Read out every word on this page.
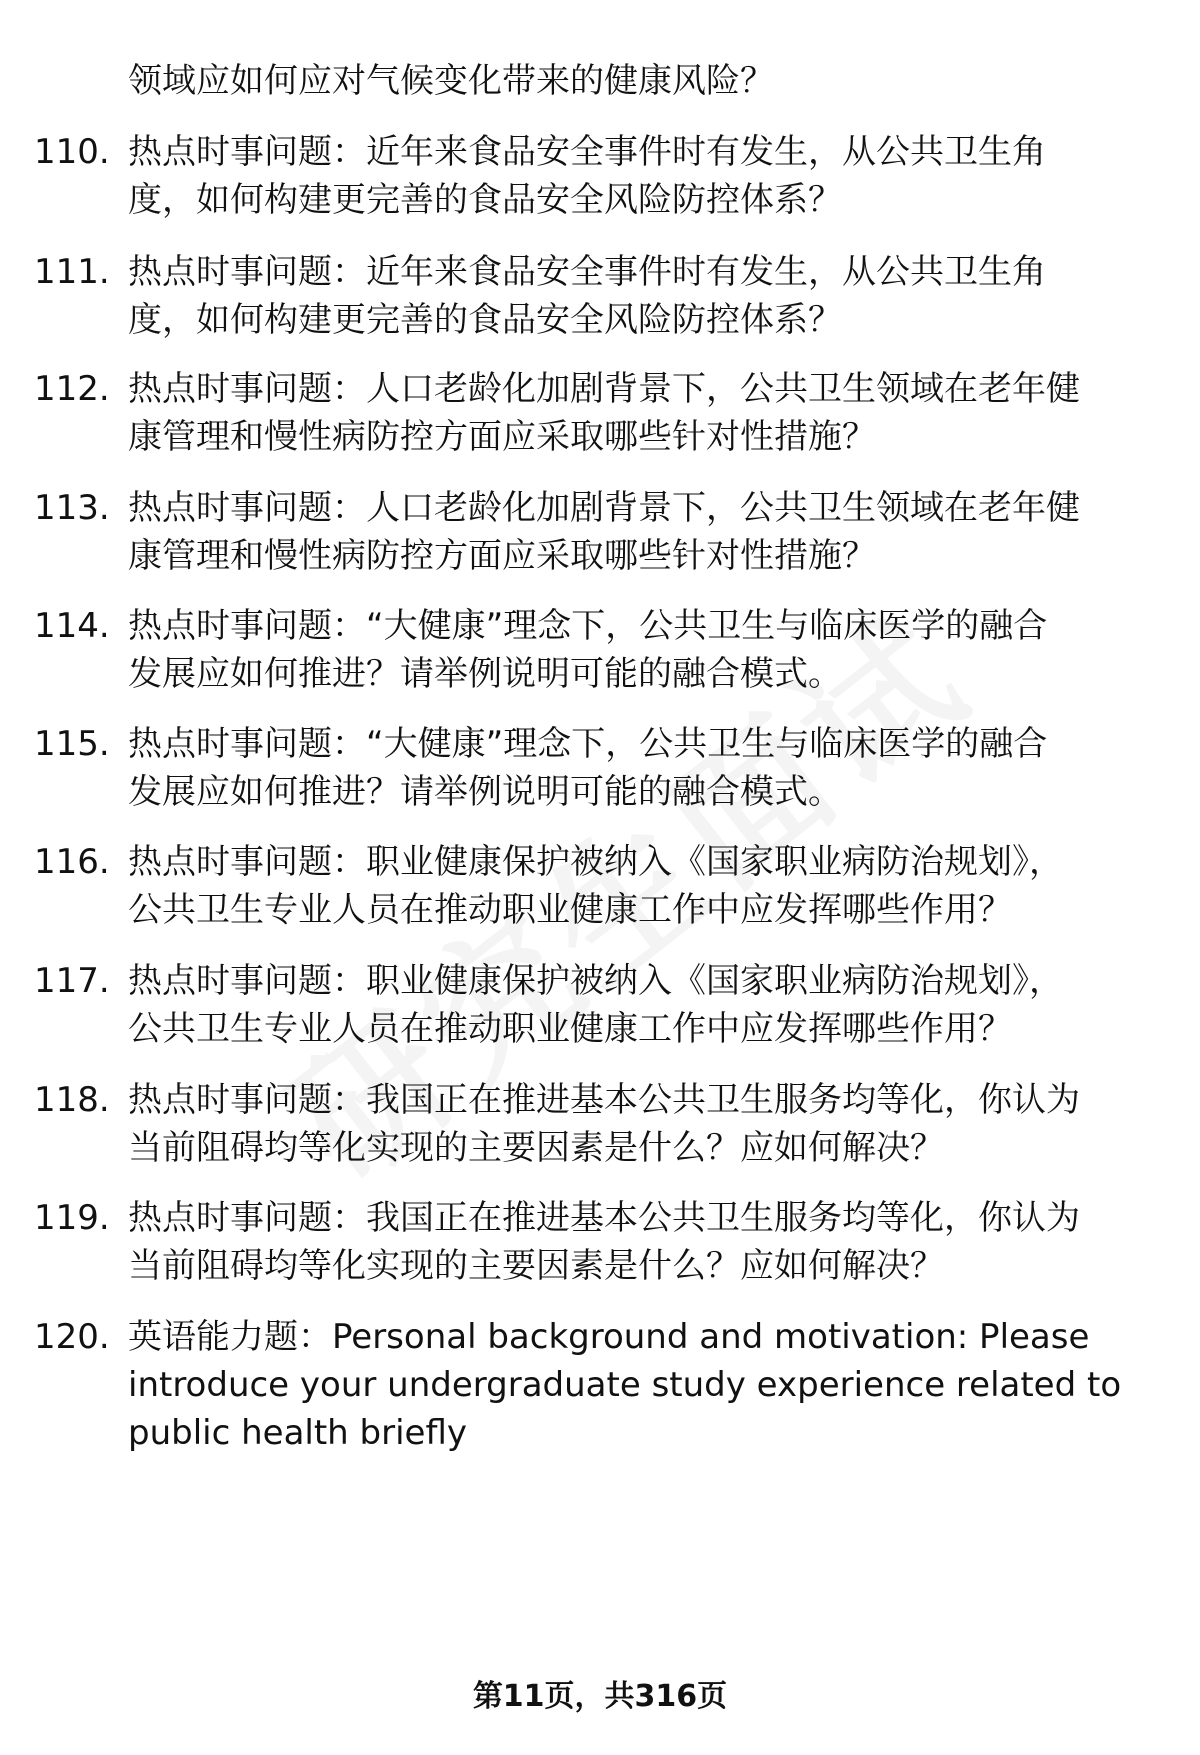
领域应如何应对气候变化带来的健康风险？
110. 热点时事问题：近年来食品安全事件时有发生，从公共卫生角
度，如何构建更完善的食品安全风险防控体系？
111. 热点时事问题：近年来食品安全事件时有发生，从公共卫生角
度，如何构建更完善的食品安全风险防控体系？
112. 热点时事问题：人口老龄化加剧背景下，公共卫生领域在老年健
康管理和慢性病防控方面应采取哪些针对性措施？
113. 热点时事问题：人口老龄化加剧背景下，公共卫生领域在老年健
康管理和慢性病防控方面应采取哪些针对性措施？
114. 热点时事问题：“大健康”理念下，公共卫生与临床医学的融合
发展应如何推进？请举例说明可能的融合模式。
115. 热点时事问题：“大健康”理念下，公共卫生与临床医学的融合
发展应如何推进？请举例说明可能的融合模式。
116. 热点时事问题：职业健康保护被纳入《国家职业病防治规划》，
公共卫生专业人员在推动职业健康工作中应发挥哪些作用？
117. 热点时事问题：职业健康保护被纳入《国家职业病防治规划》，
公共卫生专业人员在推动职业健康工作中应发挥哪些作用？
118. 热点时事问题：我国正在推进基本公共卫生服务均等化，你认为
当前阻碍均等化实现的主要因素是什么？应如何解决？
119. 热点时事问题：我国正在推进基本公共卫生服务均等化，你认为
当前阻碍均等化实现的主要因素是什么？应如何解决？
120. 英语能力题：Personal background and motivation: Please
introduce your undergraduate study experience related to
public health briefly
第11页，共316页
